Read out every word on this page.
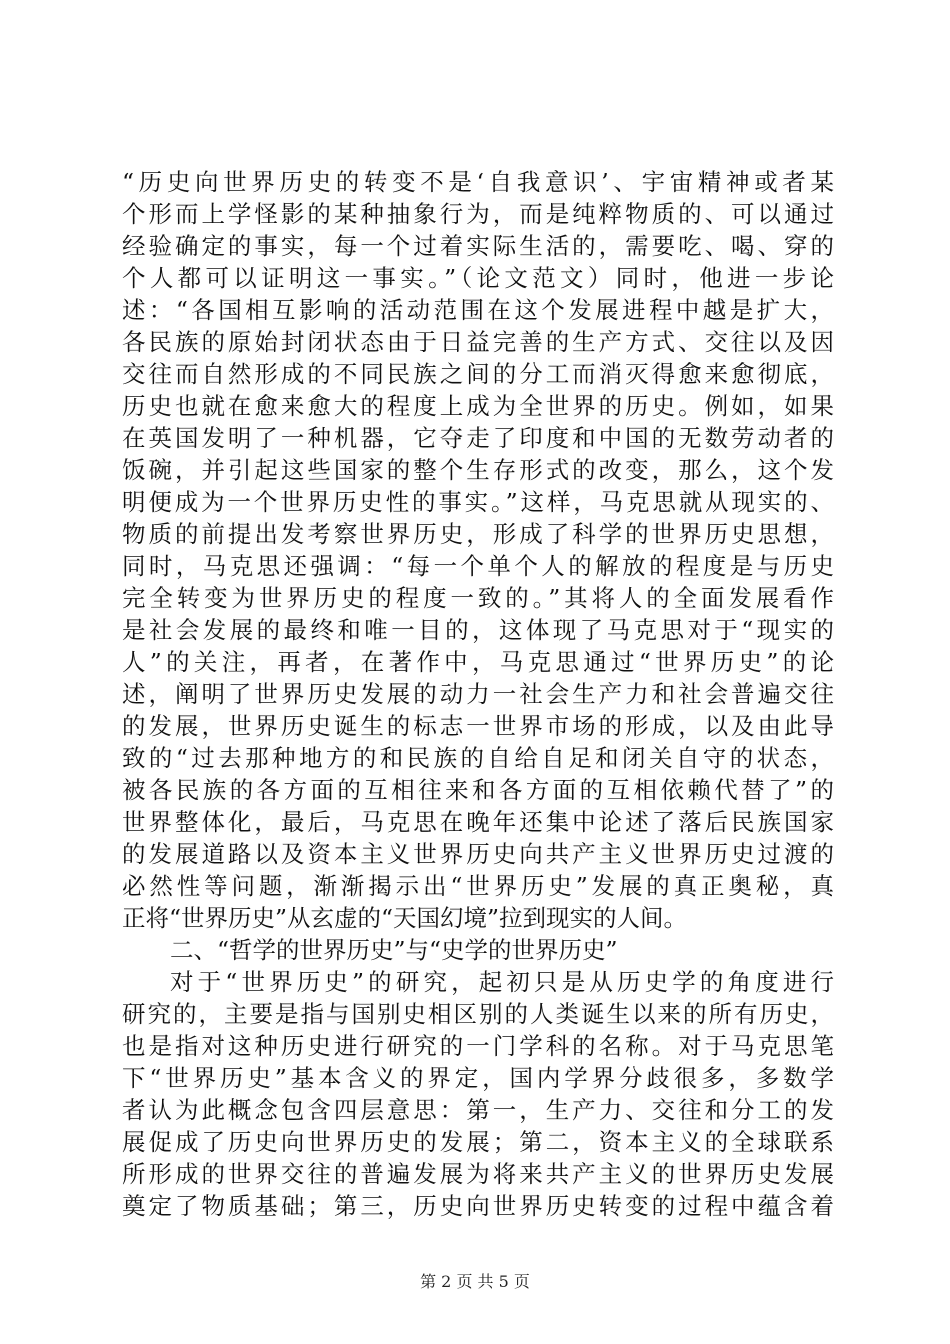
“历史向世界历史的转变不是‘自我意识’、宇宙精神或者某
个形而上学怪影的某种抽象行为，而是纯粹物质的、可以通过
经验确定的事实，每一个过着实际生活的，需要吃、喝、穿的
个人都可以证明这一事实。”（论文范文）同时，他进一步论
述：“各国相互影响的活动范围在这个发展进程中越是扩大，
各民族的原始封闭状态由于日益完善的生产方式、交往以及因
交往而自然形成的不同民族之间的分工而消灭得愈来愈彻底，
历史也就在愈来愈大的程度上成为全世界的历史。例如，如果
在英国发明了一种机器，它夺走了印度和中国的无数劳动者的
饭碗，并引起这些国家的整个生存形式的改变，那么，这个发
明便成为一个世界历史性的事实。”这样，马克思就从现实的、
物质的前提出发考察世界历史，形成了科学的世界历史思想，
同时，马克思还强调：“每一个单个人的解放的程度是与历史
完全转变为世界历史的程度一致的。”其将人的全面发展看作
是社会发展的最终和唯一目的，这体现了马克思对于“现实的
人”的关注，再者，在著作中，马克思通过“世界历史”的论
述，阐明了世界历史发展的动力一社会生产力和社会普遍交往
的发展，世界历史诞生的标志一世界市场的形成，以及由此导
致的“过去那种地方的和民族的自给自足和闭关自守的状态，
被各民族的各方面的互相往来和各方面的互相依赖代替了”的
世界整体化，最后，马克思在晚年还集中论述了落后民族国家
的发展道路以及资本主义世界历史向共产主义世界历史过渡的
必然性等问题，渐渐揭示出“世界历史”发展的真正奥秘，真
正将“世界历史”从玄虚的“天国幻境”拉到现实的人间。
二、“哲学的世界历史”与“史学的世界历史”
对于“世界历史”的研究，起初只是从历史学的角度进行
研究的，主要是指与国别史相区别的人类诞生以来的所有历史，
也是指对这种历史进行研究的一门学科的名称。对于马克思笔
下“世界历史”基本含义的界定，国内学界分歧很多，多数学
者认为此概念包含四层意思：第一，生产力、交往和分工的发
展促成了历史向世界历史的发展；第二，资本主义的全球联系
所形成的世界交往的普遍发展为将来共产主义的世界历史发展
奠定了物质基础；第三，历史向世界历史转变的过程中蕴含着
第 2 页 共 5 页
